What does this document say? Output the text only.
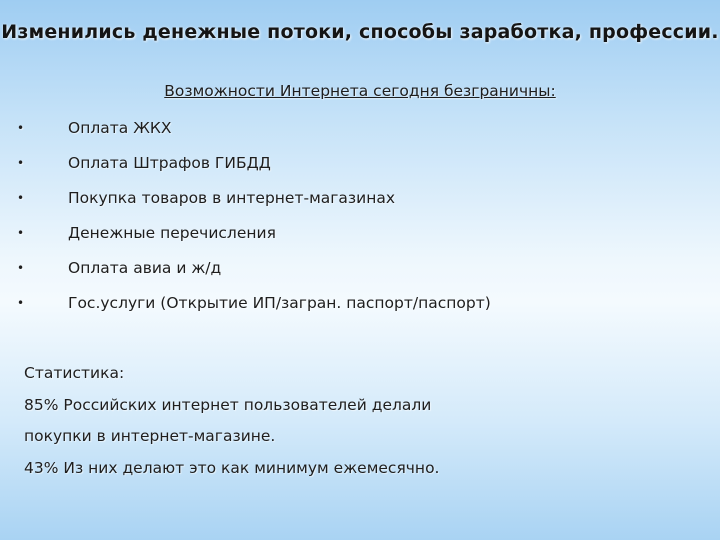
Изменились денежные потоки, способы заработка, профессии.
Возможности Интернета сегодня безграничны:
•	Оплата ЖКХ
•	Оплата Штрафов ГИБДД
•	Покупка товаров в интернет-магазинах
•	Денежные перечисления
•	Оплата авиа и ж/д
•	Гос.услуги (Открытие ИП/загран. паспорт/паспорт)
Статистика:
85% Российских интернет пользователей делали
покупки в интернет-магазине.
43% Из них делают это как минимум ежемесячно.
